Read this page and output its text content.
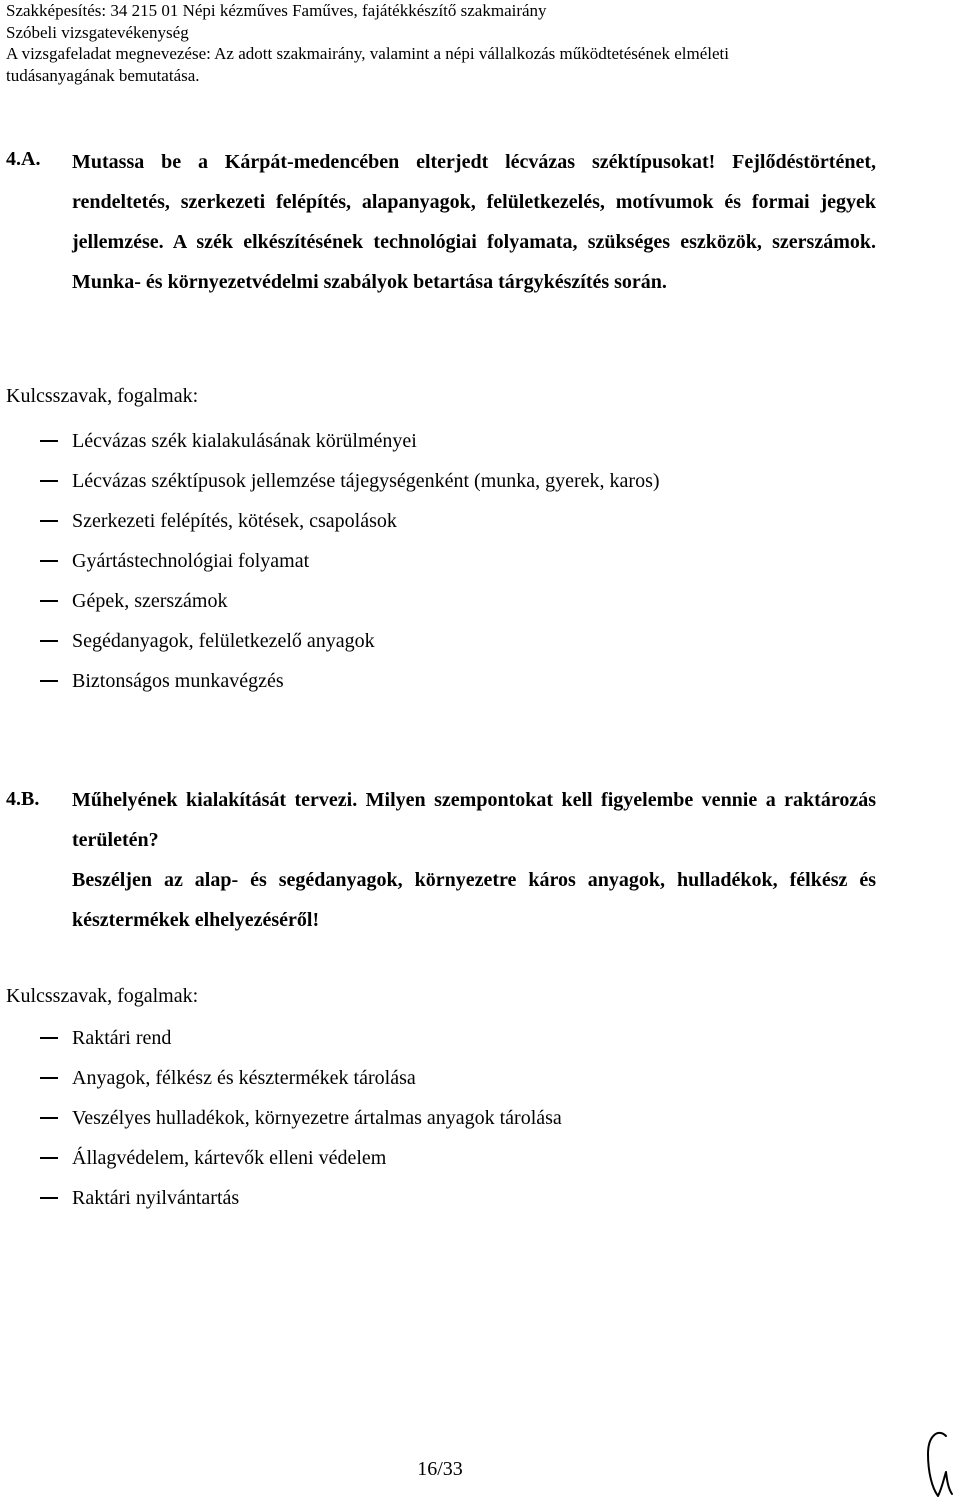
Szakképesítés: 34 215 01 Népi kézműves Faműves, fajátékkészítő szakmairány
Szóbeli vizsgatevékenység
A vizsgafeladat megnevezése: Az adott szakmairány, valamint a népi vállalkozás működtetésének elméleti
tudásanyagának bemutatása.
4.A. Mutassa be a Kárpát-medencében elterjedt lécvázas széktípusokat! Fejlődéstörténet, rendeltetés, szerkezeti felépítés, alapanyagok, felületkezelés, motívumok és formai jegyek jellemzése. A szék elkészítésének technológiai folyamata, szükséges eszközök, szerszámok. Munka- és környezetvédelmi szabályok betartása tárgykészítés során.
Kulcsszavak, fogalmak:
Lécvázas szék kialakulásának körülményei
Lécvázas széktípusok jellemzése tájegységenként (munka, gyerek, karos)
Szerkezeti felépítés, kötések, csapolások
Gyártástechnológiai folyamat
Gépek, szerszámok
Segédanyagok, felületkezelő anyagok
Biztonságos munkavégzés
4.B. Műhelyének kialakítását tervezi. Milyen szempontokat kell figyelembe vennie a raktározás területén?

Beszéljen az alap- és segédanyagok, környezetre káros anyagok, hulladékok, félkész és késztermékek elhelyezéséről!

Kulcsszavak, fogalmak:
Raktári rend
Anyagok, félkész és késztermékek tárolása
Veszélyes hulladékok, környezetre ártalmas anyagok tárolása
Állagvédelem, kártevők elleni védelem
Raktári nyilvántartás
16/33
